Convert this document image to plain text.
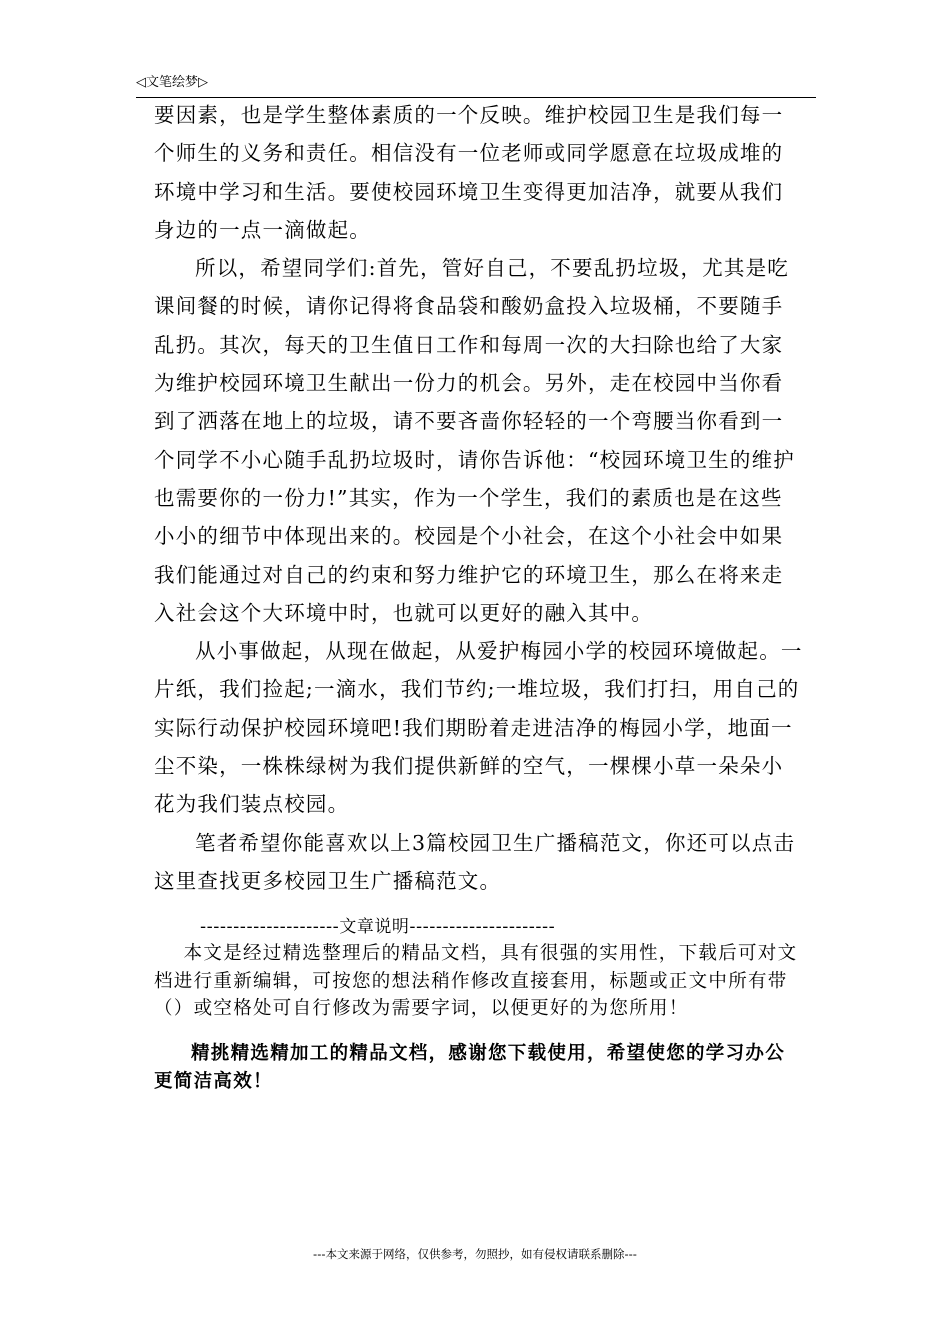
◁文笔绘梦▷

要因素，也是学生整体素质的一个反映。维护校园卫生是我们每一个师生的义务和责任。相信没有一位老师或同学愿意在垃圾成堆的环境中学习和生活。要使校园环境卫生变得更加洁净，就要从我们身边的一点一滴做起。

所以，希望同学们:首先，管好自己，不要乱扔垃圾，尤其是吃课间餐的时候，请你记得将食品袋和酸奶盒投入垃圾桶，不要随手乱扔。其次，每天的卫生值日工作和每周一次的大扫除也给了大家为维护校园环境卫生献出一份力的机会。另外，走在校园中当你看到了洒落在地上的垃圾，请不要吝啬你轻轻的一个弯腰当你看到一个同学不小心随手乱扔垃圾时，请你告诉他：“校园环境卫生的维护也需要你的一份力!”其实，作为一个学生，我们的素质也是在这些小小的细节中体现出来的。校园是个小社会，在这个小社会中如果我们能通过对自己的约束和努力维护它的环境卫生，那么在将来走入社会这个大环境中时，也就可以更好的融入其中。

从小事做起，从现在做起，从爱护梅园小学的校园环境做起。一片纸，我们捡起;一滴水，我们节约;一堆垃圾，我们打扫，用自己的实际行动保护校园环境吧!我们期盼着走进洁净的梅园小学，地面一尘不染，一株株绿树为我们提供新鲜的空气，一棵棵小草一朵朵小花为我们装点校园。

笔者希望你能喜欢以上3篇校园卫生广播稿范文，你还可以点击这里查找更多校园卫生广播稿范文。

---------------------文章说明----------------------

本文是经过精选整理后的精品文档，具有很强的实用性，下载后可对文档进行重新编辑，可按您的想法稍作修改直接套用，标题或正文中所有带（）或空格处可自行修改为需要字词，以便更好的为您所用！

精挑精选精加工的精品文档，感谢您下载使用，希望使您的学习办公更简洁高效！

---本文来源于网络，仅供参考，勿照抄，如有侵权请联系删除---
